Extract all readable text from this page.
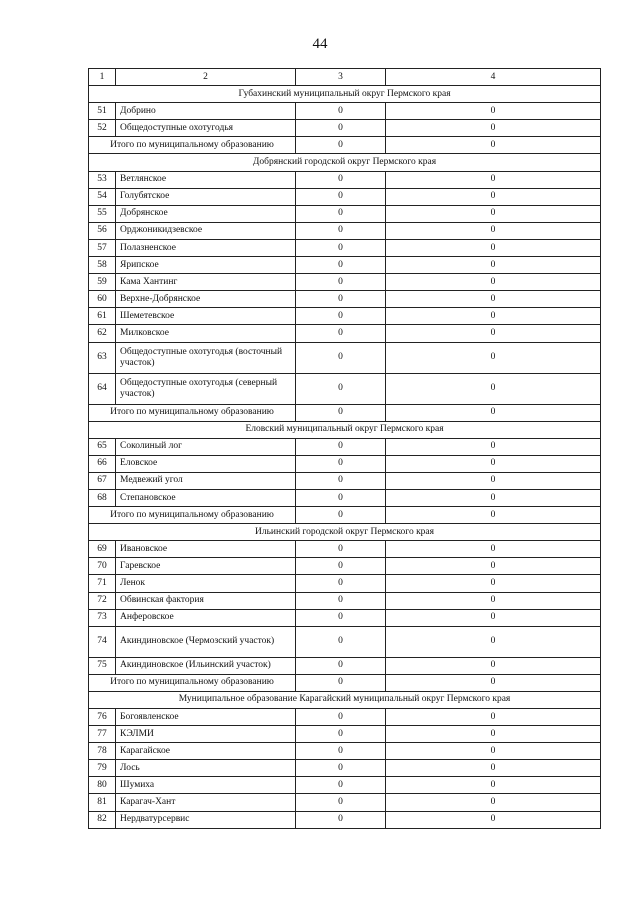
44
1	2	3	4
Губахинский муниципальный округ Пермского края			
51	Добрино	0	0
52	Общедоступные охотугодья	0	0
Итого по муниципальному образованию		0	0
Добрянский городской округ Пермского края			
53	Ветлянское	0	0
54	Голубятское	0	0
55	Добрянское	0	0
56	Орджоникидзевское	0	0
57	Полазненское	0	0
58	Ярипское	0	0
59	Кама Хантинг	0	0
60	Верхне-Добрянское	0	0
61	Шеметевское	0	0
62	Милковское	0	0
63	Общедоступные охотугодья (восточный участок)	0	0
64	Общедоступные охотугодья (северный участок)	0	0
Итого по муниципальному образованию		0	0
Еловский муниципальный округ Пермского края			
65	Соколиный лог	0	0
66	Еловское	0	0
67	Медвежий угол	0	0
68	Степановское	0	0
Итого по муниципальному образованию		0	0
Ильинский городской округ Пермского края			
69	Ивановское	0	0
70	Гаревское	0	0
71	Ленок	0	0
72	Обвинская фактория	0	0
73	Анферовское	0	0
74	Акиндиновское (Чермозский участок)	0	0
75	Акиндиновское (Ильинский участок)	0	0
Итого по муниципальному образованию		0	0
Муниципальное образование Карагайский муниципальный округ Пермского края			
76	Богоявленское	0	0
77	КЭЛМИ	0	0
78	Карагайское	0	0
79	Лось	0	0
80	Шумиха	0	0
81	Карагач-Хант	0	0
82	Нердватурсервис	0	0
